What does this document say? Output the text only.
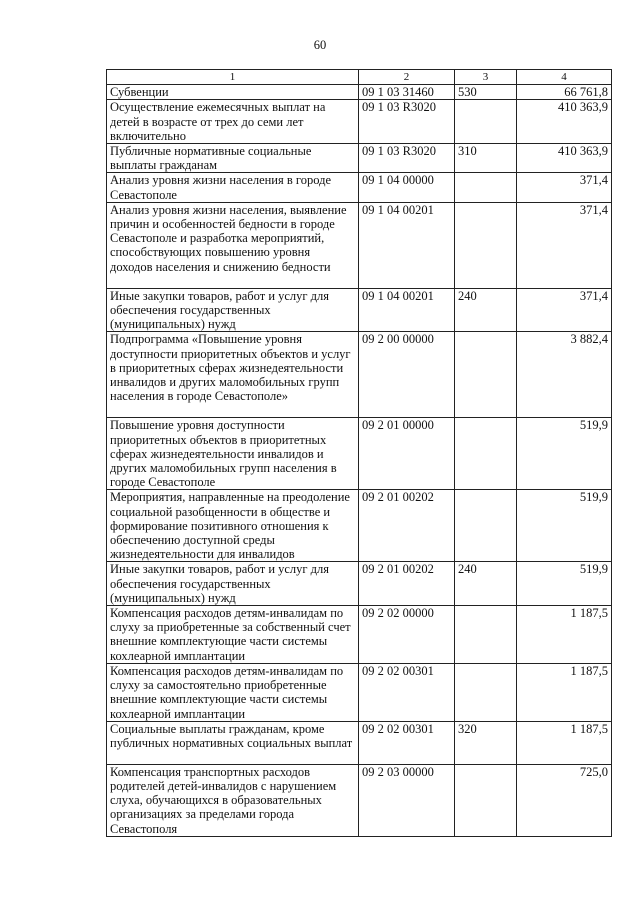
60
1	2	3	4
Субвенции	09 1 03 31460	530	66 761,8
Осуществление ежемесячных выплат на детей в возрасте от трех до семи лет включительно	09 1 03 R3020		410 363,9
Публичные нормативные социальные выплаты гражданам	09 1 03 R3020	310	410 363,9
Анализ уровня жизни населения в городе Севастополе	09 1 04 00000		371,4
Анализ уровня жизни населения, выявление причин и особенностей бедности в городе Севастополе и разработка мероприятий, способствующих повышению уровня доходов населения и снижению бедности	09 1 04 00201		371,4
Иные закупки товаров, работ и услуг для обеспечения государственных (муниципальных) нужд	09 1 04 00201	240	371,4
Подпрограмма «Повышение уровня доступности приоритетных объектов и услуг в приоритетных сферах жизнедеятельности инвалидов и других маломобильных групп населения в городе Севастополе»	09 2 00 00000		3 882,4
Повышение уровня доступности приоритетных объектов в приоритетных сферах жизнедеятельности инвалидов и других маломобильных групп населения в городе Севастополе	09 2 01 00000		519,9
Мероприятия, направленные на преодоление социальной разобщенности в обществе и формирование позитивного отношения к обеспечению доступной среды жизнедеятельности для инвалидов	09 2 01 00202		519,9
Иные закупки товаров, работ и услуг для обеспечения государственных (муниципальных) нужд	09 2 01 00202	240	519,9
Компенсация расходов детям-инвалидам по слуху за приобретенные за собственный счет внешние комплектующие части системы кохлеарной имплантации	09 2 02 00000		1 187,5
Компенсация расходов детям-инвалидам по слуху за самостоятельно приобретенные внешние комплектующие части системы кохлеарной имплантации	09 2 02 00301		1 187,5
Социальные выплаты гражданам, кроме публичных нормативных социальных выплат	09 2 02 00301	320	1 187,5
Компенсация транспортных расходов родителей детей-инвалидов с нарушением слуха, обучающихся в образовательных организациях за пределами города Севастополя	09 2 03 00000		725,0
